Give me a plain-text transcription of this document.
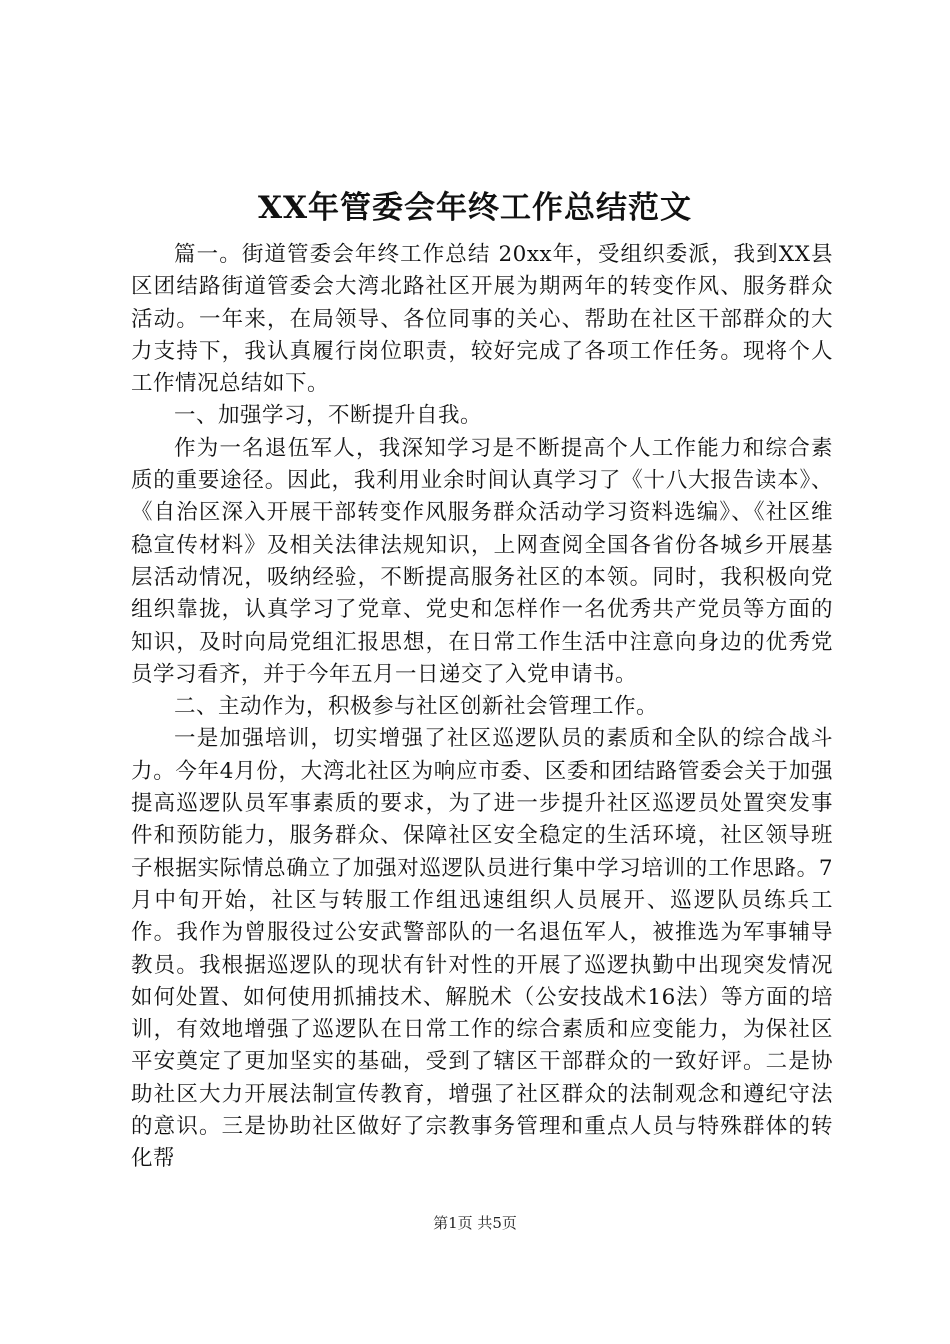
XX年管委会年终工作总结范文

篇一。街道管委会年终工作总结 20xx年，受组织委派，我到XX县区团结路街道管委会大湾北路社区开展为期两年的转变作风、服务群众活动。一年来，在局领导、各位同事的关心、帮助在社区干部群众的大力支持下，我认真履行岗位职责，较好完成了各项工作任务。现将个人工作情况总结如下。

一、加强学习，不断提升自我。

作为一名退伍军人，我深知学习是不断提高个人工作能力和综合素质的重要途径。因此，我利用业余时间认真学习了《十八大报告读本》、《自治区深入开展干部转变作风服务群众活动学习资料选编》、《社区维稳宣传材料》及相关法律法规知识，上网查阅全国各省份各城乡开展基层活动情况，吸纳经验，不断提高服务社区的本领。同时，我积极向党组织靠拢，认真学习了党章、党史和怎样作一名优秀共产党员等方面的知识，及时向局党组汇报思想，在日常工作生活中注意向身边的优秀党员学习看齐，并于今年五月一日递交了入党申请书。

二、主动作为，积极参与社区创新社会管理工作。

一是加强培训，切实增强了社区巡逻队员的素质和全队的综合战斗力。今年4月份，大湾北社区为响应市委、区委和团结路管委会关于加强提高巡逻队员军事素质的要求，为了进一步提升社区巡逻员处置突发事件和预防能力，服务群众、保障社区安全稳定的生活环境，社区领导班子根据实际情总确立了加强对巡逻队员进行集中学习培训的工作思路。7月中旬开始，社区与转服工作组迅速组织人员展开、巡逻队员练兵工作。我作为曾服役过公安武警部队的一名退伍军人，被推选为军事辅导教员。我根据巡逻队的现状有针对性的开展了巡逻执勤中出现突发情况如何处置、如何使用抓捕技术、解脱术（公安技战术16法）等方面的培训，有效地增强了巡逻队在日常工作的综合素质和应变能力，为保社区平安奠定了更加坚实的基础，受到了辖区干部群众的一致好评。二是协助社区大力开展法制宣传教育，增强了社区群众的法制观念和遵纪守法的意识。三是协助社区做好了宗教事务管理和重点人员与特殊群体的转化帮

第1页 共5页
